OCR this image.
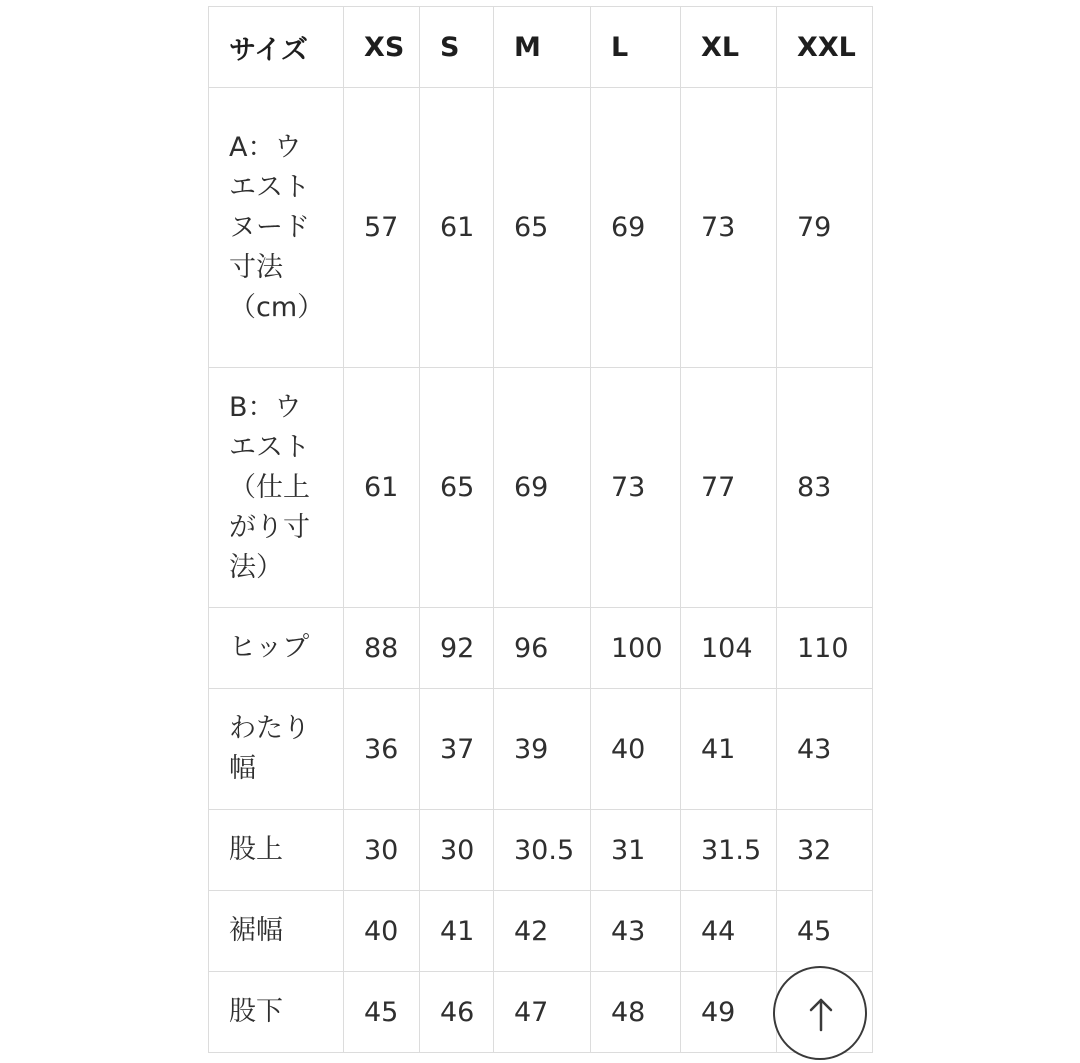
サイズ	XS	S	M	L	XL	XXL
A：ウエストヌード寸法（cm）	57	61	65	69	73	79
B：ウエスト（仕上がり寸法）	61	65	69	73	77	83
ヒップ	88	92	96	100	104	110
わたり幅	36	37	39	40	41	43
股上	30	30	30.5	31	31.5	32
裾幅	40	41	42	43	44	45
股下	45	46	47	48	49	
